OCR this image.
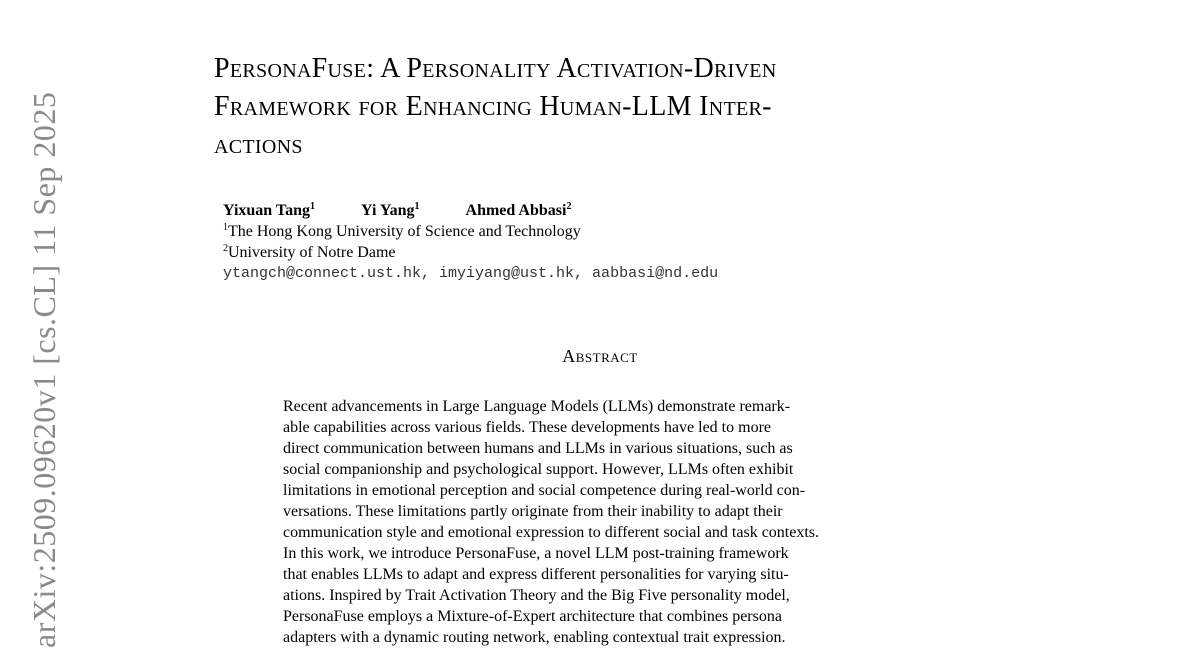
arXiv:2509.09620v1 [cs.CL] 11 Sep 2025
PersonaFuse: A Personality Activation-Driven
Framework for Enhancing Human-LLM Inter-
actions
Yixuan Tang$^1$	Yi Yang$^1$	Ahmed Abbasi$^2$
$^1$The Hong Kong University of Science and Technology
$^2$University of Notre Dame
ytangch@connect.ust.hk, imyiyang@ust.hk, aabbasi@nd.edu
Abstract
Recent advancements in Large Language Models (LLMs) demonstrate remark-
able capabilities across various fields. These developments have led to more
direct communication between humans and LLMs in various situations, such as
social companionship and psychological support. However, LLMs often exhibit
limitations in emotional perception and social competence during real-world con-
versations. These limitations partly originate from their inability to adapt their
communication style and emotional expression to different social and task contexts.
In this work, we introduce PersonaFuse, a novel LLM post-training framework
that enables LLMs to adapt and express different personalities for varying situ-
ations. Inspired by Trait Activation Theory and the Big Five personality model,
PersonaFuse employs a Mixture-of-Expert architecture that combines persona
adapters with a dynamic routing network, enabling contextual trait expression.
